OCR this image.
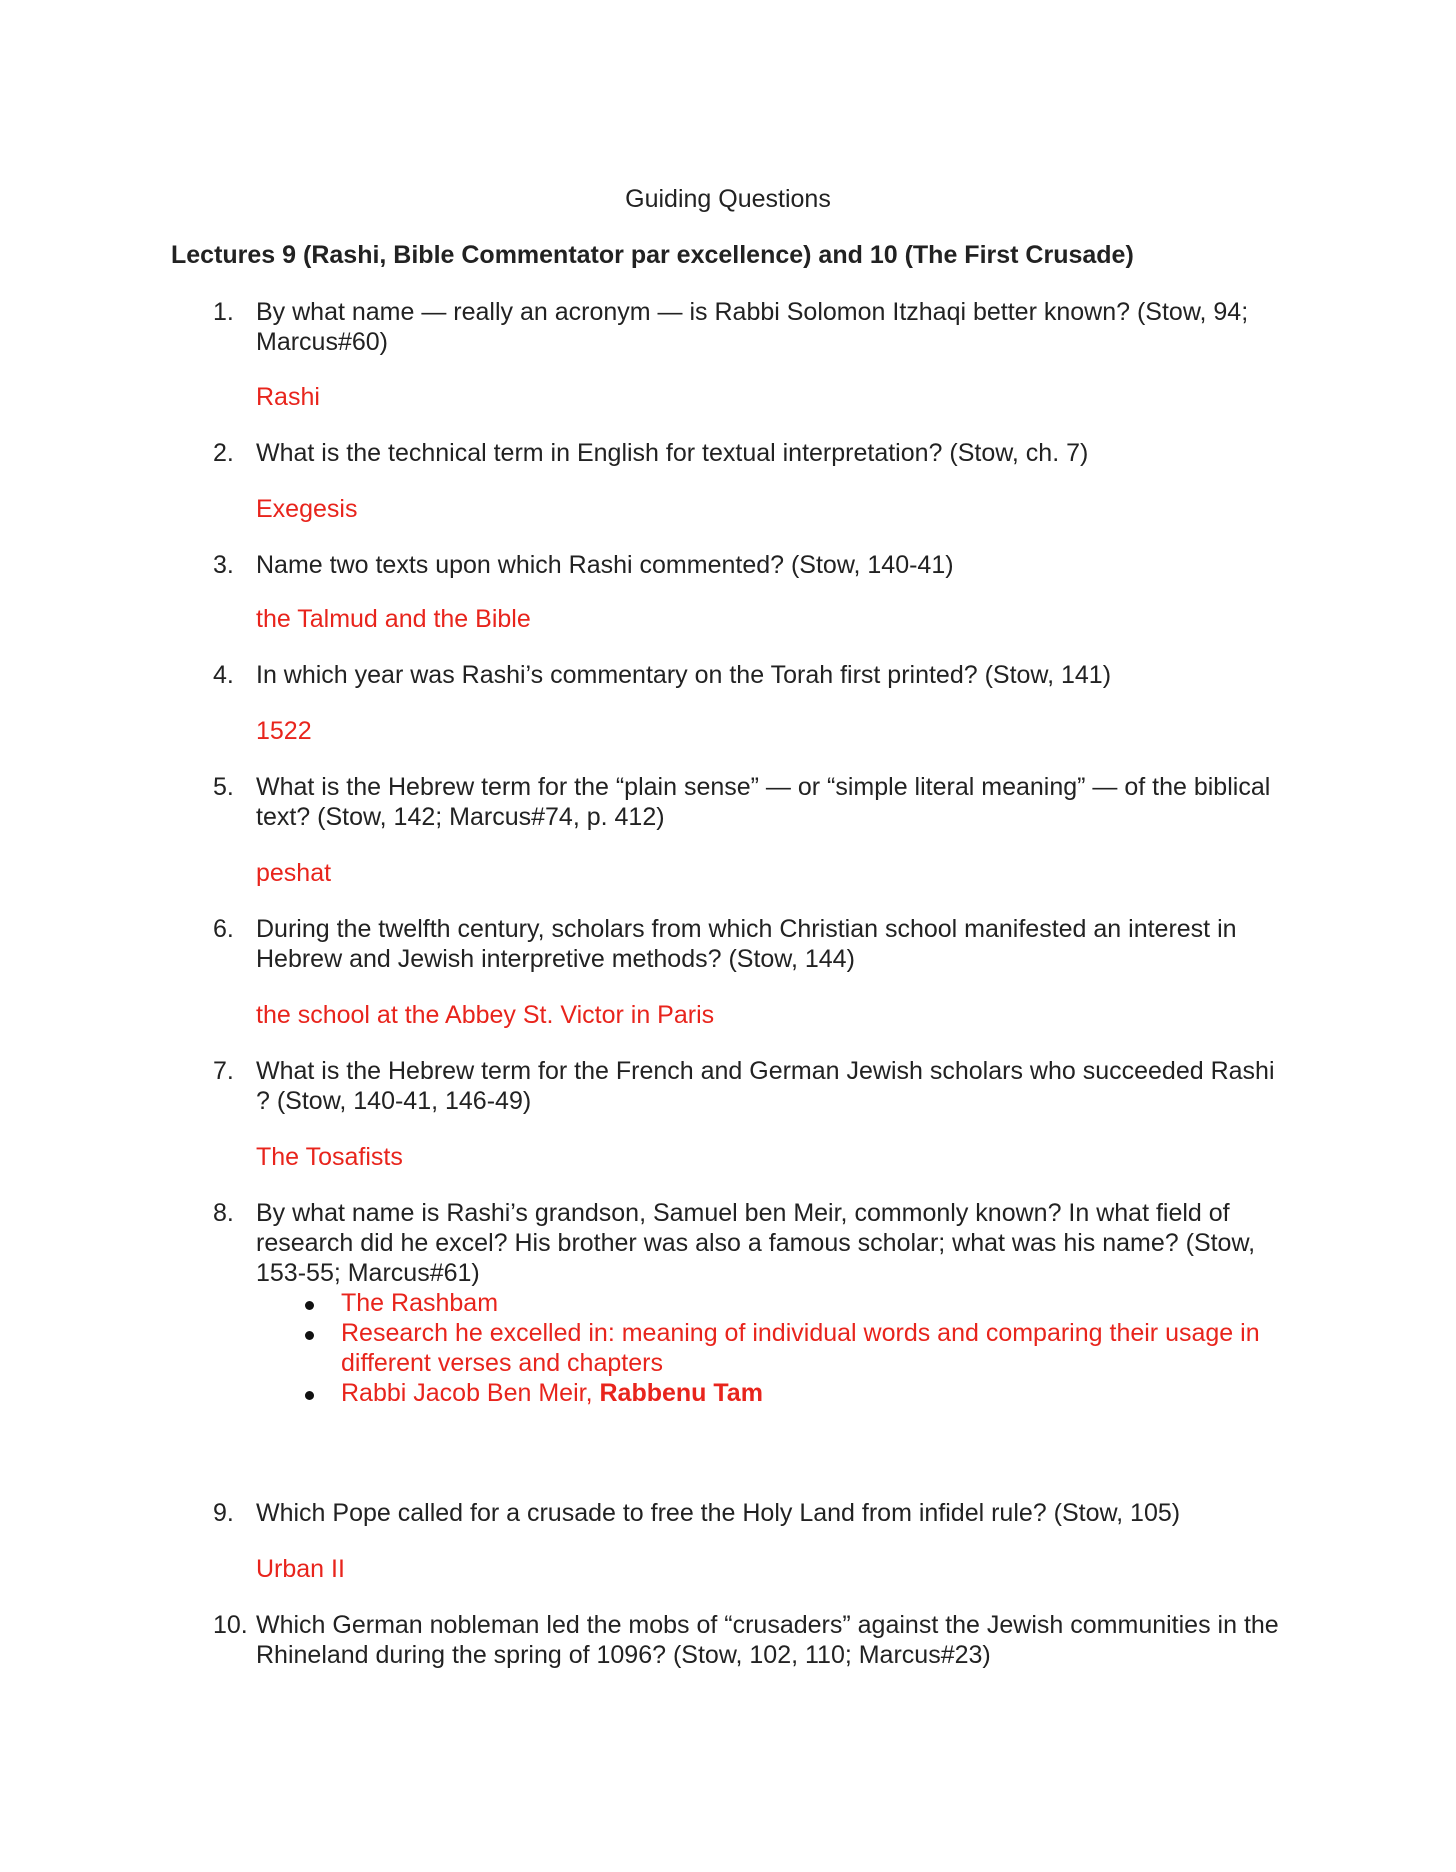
Guiding Questions
Lectures 9 (Rashi, Bible Commentator par excellence) and 10 (The First Crusade)
1. By what name — really an acronym — is Rabbi Solomon Itzhaqi better known? (Stow, 94; Marcus#60)
Rashi
2. What is the technical term in English for textual interpretation? (Stow, ch. 7)
Exegesis
3. Name two texts upon which Rashi commented? (Stow, 140-41)
the Talmud and the Bible
4. In which year was Rashi’s commentary on the Torah first printed? (Stow, 141)
1522
5. What is the Hebrew term for the “plain sense” — or “simple literal meaning” — of the biblical text? (Stow, 142; Marcus#74, p. 412)
peshat
6. During the twelfth century, scholars from which Christian school manifested an interest in Hebrew and Jewish interpretive methods? (Stow, 144)
the school at the Abbey St. Victor in Paris
7. What is the Hebrew term for the French and German Jewish scholars who succeeded Rashi ? (Stow, 140-41, 146-49)
The Tosafists
8. By what name is Rashi’s grandson, Samuel ben Meir, commonly known? In what field of research did he excel? His brother was also a famous scholar; what was his name? (Stow, 153-55; Marcus#61)
The Rashbam
Research he excelled in: meaning of individual words and comparing their usage in different verses and chapters
Rabbi Jacob Ben Meir, Rabbenu Tam
9. Which Pope called for a crusade to free the Holy Land from infidel rule? (Stow, 105)
Urban II
10. Which German nobleman led the mobs of “crusaders” against the Jewish communities in the Rhineland during the spring of 1096? (Stow, 102, 110; Marcus#23)
